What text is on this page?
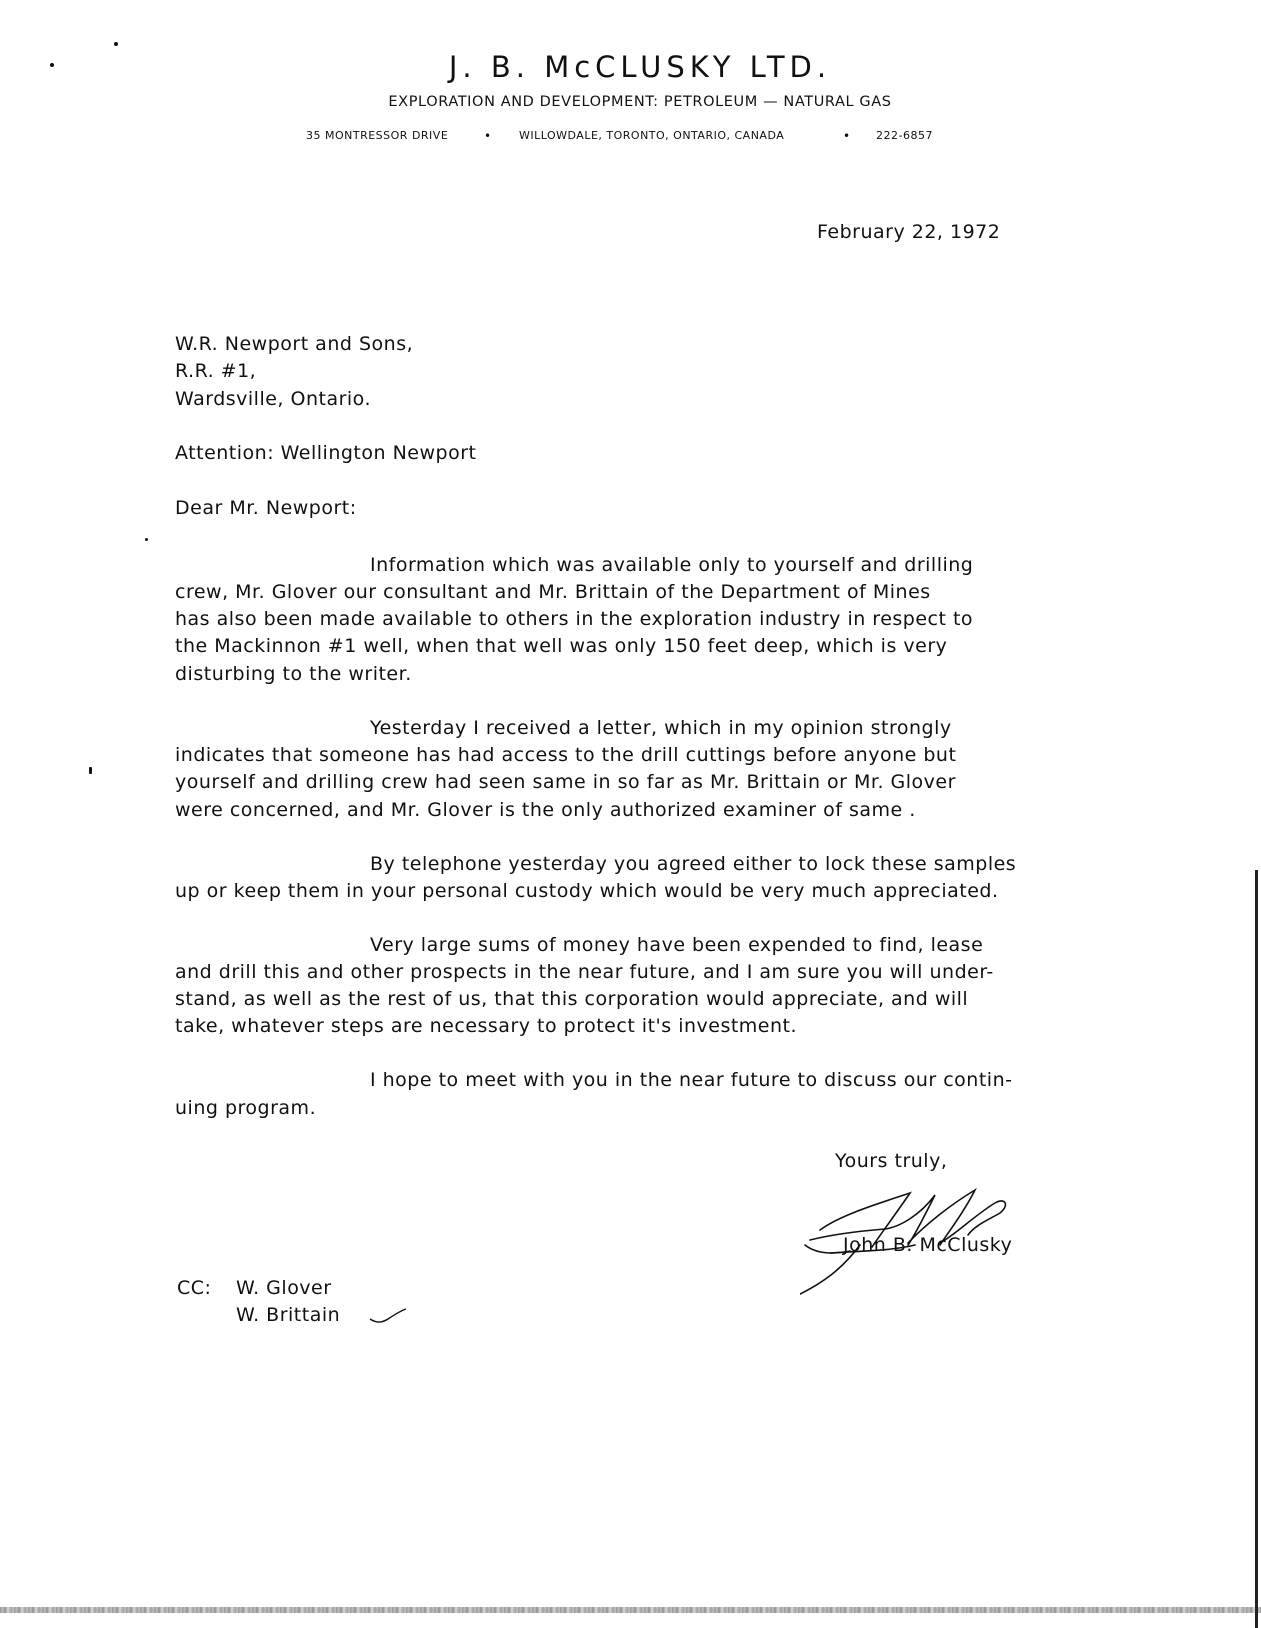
J. B. McCLUSKY LTD.
EXPLORATION AND DEVELOPMENT: PETROLEUM — NATURAL GAS
35 MONTRESSOR DRIVE	• WILLOWDALE, TORONTO, ONTARIO, CANADA	• 222-6857
February 22, 1972
W.R. Newport and Sons,
R.R. #1,
Wardsville, Ontario.
Attention: Wellington Newport
Dear Mr. Newport:
Information which was available only to yourself and drilling
crew, Mr. Glover our consultant and Mr. Brittain of the Department of Mines
has also been made available to others in the exploration industry in respect to
the Mackinnon #1 well, when that well was only 150 feet deep, which is very
disturbing to the writer.
Yesterday I received a letter, which in my opinion strongly
indicates that someone has had access to the drill cuttings before anyone but
yourself and drilling crew had seen same in so far as Mr. Brittain or Mr. Glover
were concerned, and Mr. Glover is the only authorized examiner of same .
By telephone yesterday you agreed either to lock these samples
up or keep them in your personal custody which would be very much appreciated.
Very large sums of money have been expended to find, lease
and drill this and other prospects in the near future, and I am sure you will under-
stand, as well as the rest of us, that this corporation would appreciate, and will
take, whatever steps are necessary to protect it's investment.
I hope to meet with you in the near future to discuss our contin-
uing program.
Yours truly,
John B. McClusky
CC: W. Glover
W. Brittain
